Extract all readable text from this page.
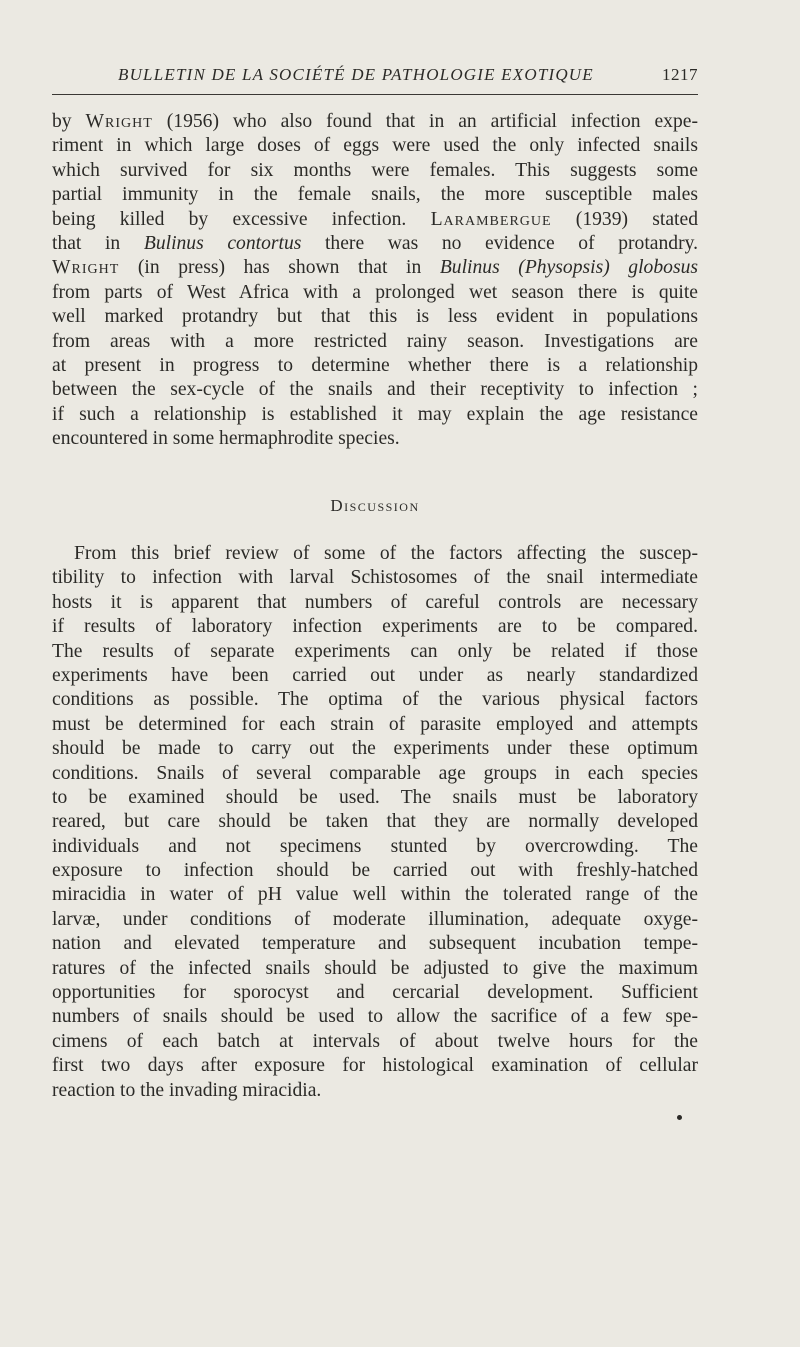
BULLETIN DE LA SOCIÉTÉ DE PATHOLOGIE EXOTIQUE	1217
by Wright (1956) who also found that in an artificial infection expe-
riment in which large doses of eggs were used the only infected snails
which survived for six months were females. This suggests some
partial immunity in the female snails, the more susceptible males
being killed by excessive infection. Larambergue (1939) stated
that in Bulinus contortus there was no evidence of protandry.
Wright (in press) has shown that in Bulinus (Physopsis) globosus
from parts of West Africa with a prolonged wet season there is quite
well marked protandry but that this is less evident in populations
from areas with a more restricted rainy season. Investigations are
at present in progress to determine whether there is a relationship
between the sex-cycle of the snails and their receptivity to infection ;
if such a relationship is established it may explain the age resistance
encountered in some hermaphrodite species.
Discussion
From this brief review of some of the factors affecting the suscep-
tibility to infection with larval Schistosomes of the snail intermediate
hosts it is apparent that numbers of careful controls are necessary
if results of laboratory infection experiments are to be compared.
The results of separate experiments can only be related if those
experiments have been carried out under as nearly standardized
conditions as possible. The optima of the various physical factors
must be determined for each strain of parasite employed and attempts
should be made to carry out the experiments under these optimum
conditions. Snails of several comparable age groups in each species
to be examined should be used. The snails must be laboratory
reared, but care should be taken that they are normally developed
individuals and not specimens stunted by overcrowding. The
exposure to infection should be carried out with freshly-hatched
miracidia in water of pH value well within the tolerated range of the
larvæ, under conditions of moderate illumination, adequate oxyge-
nation and elevated temperature and subsequent incubation tempe-
ratures of the infected snails should be adjusted to give the maximum
opportunities for sporocyst and cercarial development. Sufficient
numbers of snails should be used to allow the sacrifice of a few spe-
cimens of each batch at intervals of about twelve hours for the
first two days after exposure for histological examination of cellular
reaction to the invading miracidia.
